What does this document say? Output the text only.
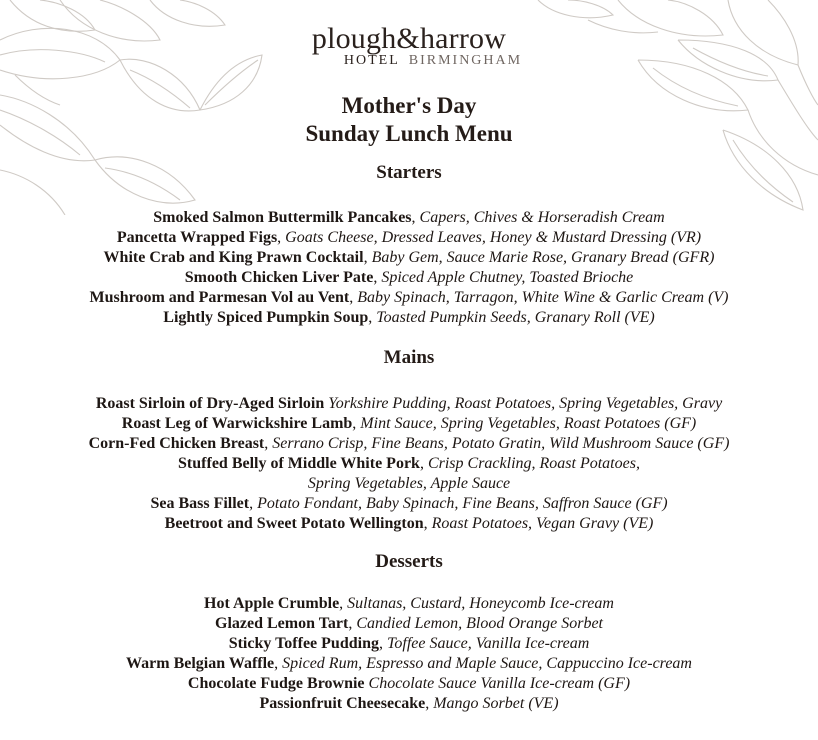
plough&harrow
HOTEL BIRMINGHAM
Mother's Day
Sunday Lunch Menu
Starters
Smoked Salmon Buttermilk Pancakes, Capers, Chives & Horseradish Cream
Pancetta Wrapped Figs, Goats Cheese, Dressed Leaves, Honey & Mustard Dressing (VR)
White Crab and King Prawn Cocktail, Baby Gem, Sauce Marie Rose, Granary Bread (GFR)
Smooth Chicken Liver Pate, Spiced Apple Chutney, Toasted Brioche
Mushroom and Parmesan Vol au Vent, Baby Spinach, Tarragon, White Wine & Garlic Cream (V)
Lightly Spiced Pumpkin Soup, Toasted Pumpkin Seeds, Granary Roll (VE)
Mains
Roast Sirloin of Dry-Aged Sirloin Yorkshire Pudding, Roast Potatoes, Spring Vegetables, Gravy
Roast Leg of Warwickshire Lamb, Mint Sauce, Spring Vegetables, Roast Potatoes (GF)
Corn-Fed Chicken Breast, Serrano Crisp, Fine Beans, Potato Gratin, Wild Mushroom Sauce (GF)
Stuffed Belly of Middle White Pork, Crisp Crackling, Roast Potatoes,
Spring Vegetables, Apple Sauce
Sea Bass Fillet, Potato Fondant, Baby Spinach, Fine Beans, Saffron Sauce (GF)
Beetroot and Sweet Potato Wellington, Roast Potatoes, Vegan Gravy (VE)
Desserts
Hot Apple Crumble, Sultanas, Custard, Honeycomb Ice-cream
Glazed Lemon Tart, Candied Lemon, Blood Orange Sorbet
Sticky Toffee Pudding, Toffee Sauce, Vanilla Ice-cream
Warm Belgian Waffle, Spiced Rum, Espresso and Maple Sauce, Cappuccino Ice-cream
Chocolate Fudge Brownie Chocolate Sauce Vanilla Ice-cream (GF)
Passionfruit Cheesecake, Mango Sorbet (VE)
